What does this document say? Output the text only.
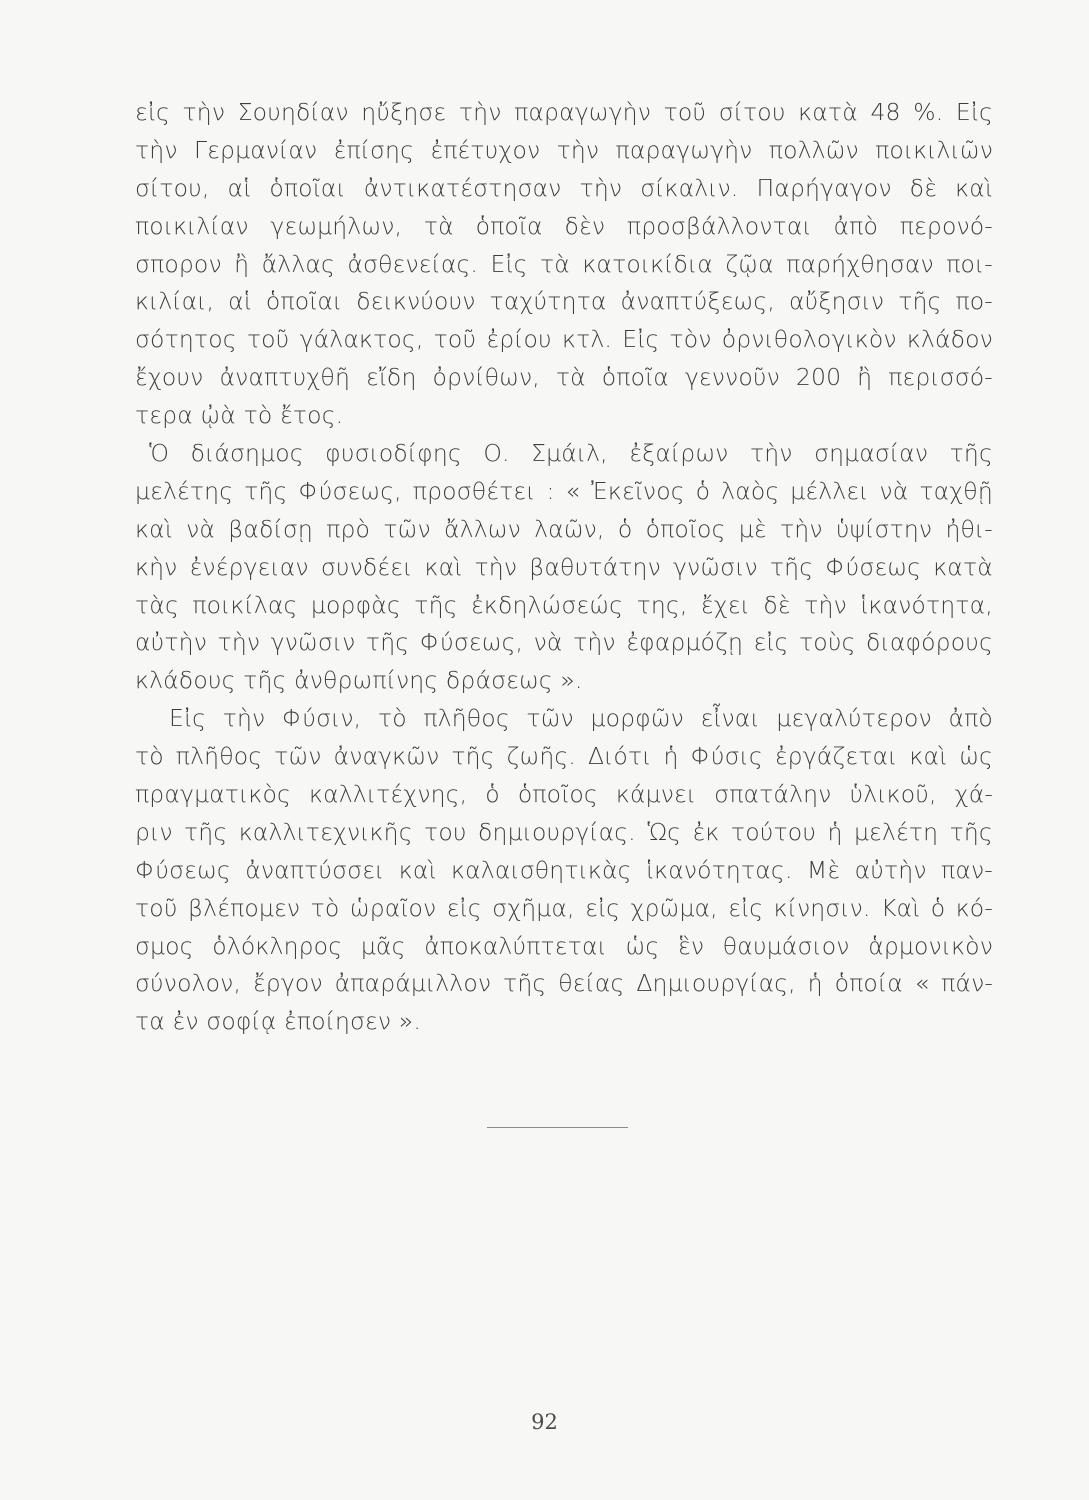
εἰς τὴν Σουηδίαν ηὔξησε τὴν παραγωγὴν τοῦ σίτου κατὰ 48 %. Εἰς
τὴν Γερμανίαν ἐπίσης ἐπέτυχον τὴν παραγωγὴν πολλῶν ποικιλιῶν
σίτου, αἱ ὁποῖαι ἀντικατέστησαν τὴν σίκαλιν. Παρήγαγον δὲ καὶ
ποικιλίαν γεωμήλων, τὰ ὁποῖα δὲν προσβάλλονται ἀπὸ περονό-
σπορον ἢ ἄλλας ἀσθενείας. Εἰς τὰ κατοικίδια ζῷα παρήχθησαν ποι-
κιλίαι, αἱ ὁποῖαι δεικνύουν ταχύτητα ἀναπτύξεως, αὔξησιν τῆς πο-
σότητος τοῦ γάλακτος, τοῦ ἐρίου κτλ. Εἰς τὸν ὀρνιθολογικὸν κλάδον
ἔχουν ἀναπτυχθῆ εἴδη ὀρνίθων, τὰ ὁποῖα γεννοῦν 200 ἢ περισσό-
τερα ᾠὰ τὸ ἔτος.
Ὁ διάσημος φυσιοδίφης Ο. Σμάιλ, ἐξαίρων τὴν σημασίαν τῆς
μελέτης τῆς Φύσεως, προσθέτει : « Ἐκεῖνος ὁ λαὸς μέλλει νὰ ταχθῇ
καὶ νὰ βαδίσῃ πρὸ τῶν ἄλλων λαῶν, ὁ ὁποῖος μὲ τὴν ὑψίστην ἠθι-
κὴν ἐνέργειαν συνδέει καὶ τὴν βαθυτάτην γνῶσιν τῆς Φύσεως κατὰ
τὰς ποικίλας μορφὰς τῆς ἐκδηλώσεώς της, ἔχει δὲ τὴν ἱκανότητα,
αὐτὴν τὴν γνῶσιν τῆς Φύσεως, νὰ τὴν ἐφαρμόζῃ εἰς τοὺς διαφόρους
κλάδους τῆς ἀνθρωπίνης δράσεως ».
Εἰς τὴν Φύσιν, τὸ πλῆθος τῶν μορφῶν εἶναι μεγαλύτερον ἀπὸ
τὸ πλῆθος τῶν ἀναγκῶν τῆς ζωῆς. Διότι ἡ Φύσις ἐργάζεται καὶ ὡς
πραγματικὸς καλλιτέχνης, ὁ ὁποῖος κάμνει σπατάλην ὑλικοῦ, χά-
ριν τῆς καλλιτεχνικῆς του δημιουργίας. Ὡς ἐκ τούτου ἡ μελέτη τῆς
Φύσεως ἀναπτύσσει καὶ καλαισθητικὰς ἱκανότητας. Μὲ αὐτὴν παν-
τοῦ βλέπομεν τὸ ὡραῖον εἰς σχῆμα, εἰς χρῶμα, εἰς κίνησιν. Καὶ ὁ κό-
σμος ὁλόκληρος μᾶς ἀποκαλύπτεται ὡς ἓν θαυμάσιον ἁρμονικὸν
σύνολον, ἔργον ἀπαράμιλλον τῆς θείας Δημιουργίας, ἡ ὁποία « πάν-
τα ἐν σοφίᾳ ἐποίησεν ».
92
